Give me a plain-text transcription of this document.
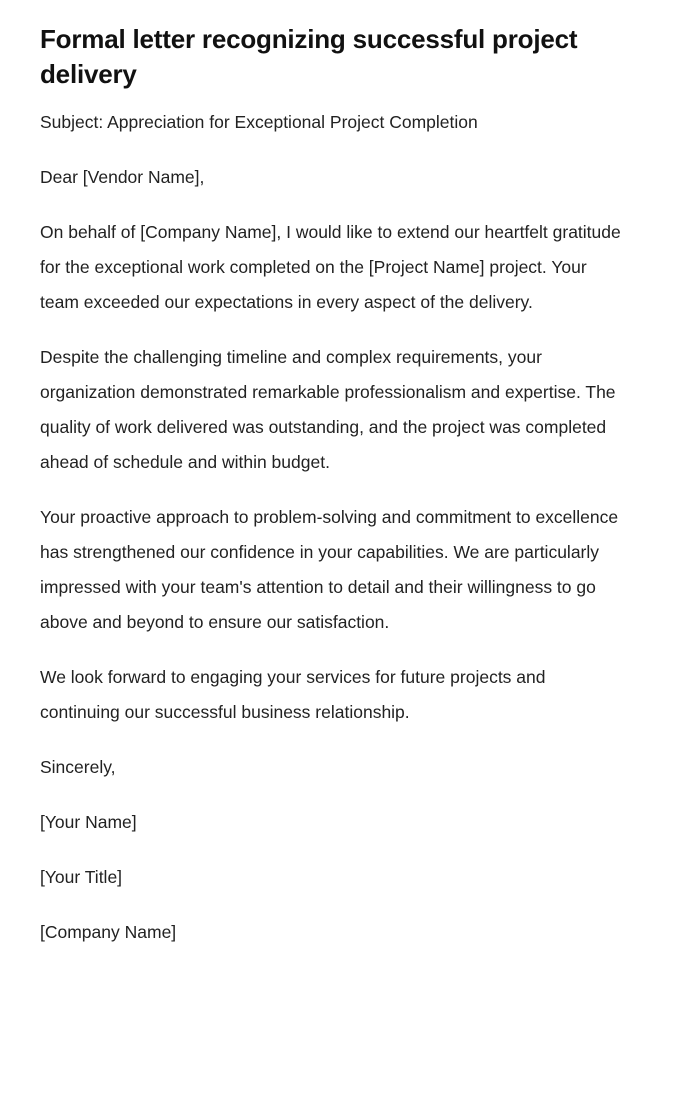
Formal letter recognizing successful project delivery

Subject: Appreciation for Exceptional Project Completion

Dear [Vendor Name],

On behalf of [Company Name], I would like to extend our heartfelt gratitude for the exceptional work completed on the [Project Name] project. Your team exceeded our expectations in every aspect of the delivery.

Despite the challenging timeline and complex requirements, your organization demonstrated remarkable professionalism and expertise. The quality of work delivered was outstanding, and the project was completed ahead of schedule and within budget.

Your proactive approach to problem-solving and commitment to excellence has strengthened our confidence in your capabilities. We are particularly impressed with your team's attention to detail and their willingness to go above and beyond to ensure our satisfaction.

We look forward to engaging your services for future projects and continuing our successful business relationship.

Sincerely,

[Your Name]

[Your Title]

[Company Name]
